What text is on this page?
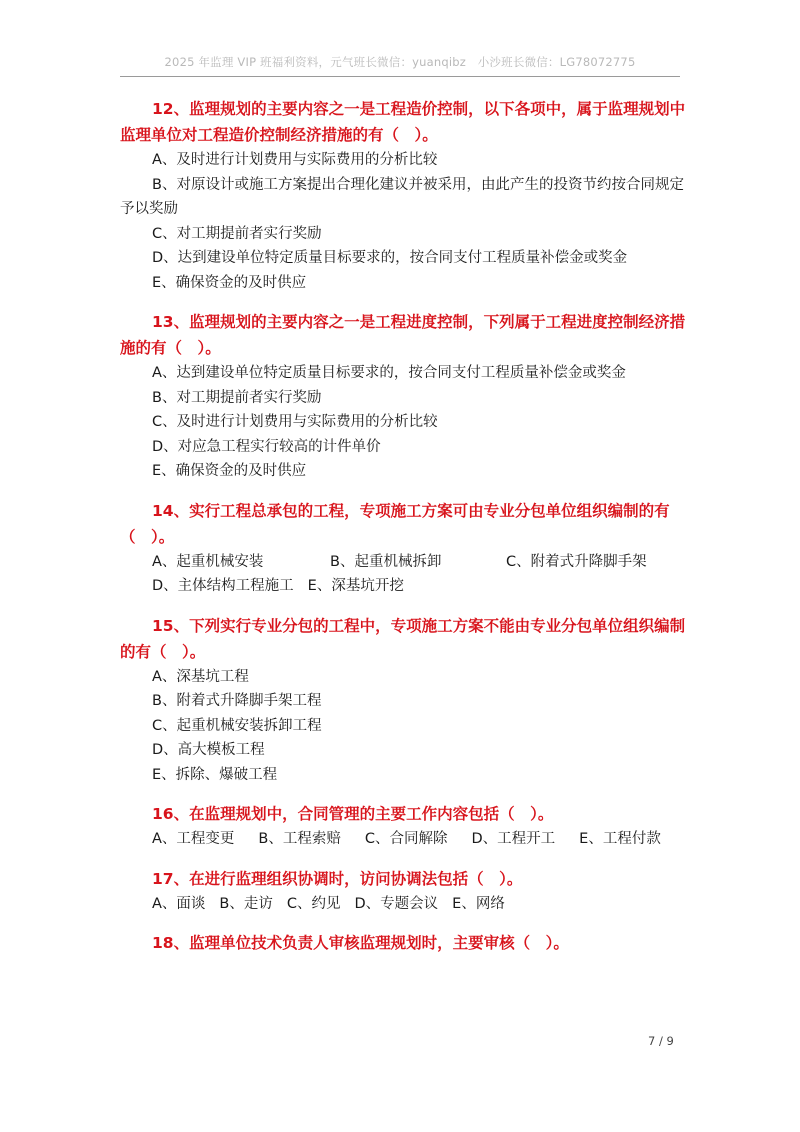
2025 年监理 VIP 班福利资料，元气班长微信：yuanqibz　小沙班长微信：LG78072775

12、监理规划的主要内容之一是工程造价控制，以下各项中，属于监理规划中监理单位对工程造价控制经济措施的有（　）。

A、及时进行计划费用与实际费用的分析比较

B、对原设计或施工方案提出合理化建议并被采用，由此产生的投资节约按合同规定予以奖励

C、对工期提前者实行奖励

D、达到建设单位特定质量目标要求的，按合同支付工程质量补偿金或奖金

E、确保资金的及时供应

13、监理规划的主要内容之一是工程进度控制，下列属于工程进度控制经济措施的有（　）。

A、达到建设单位特定质量目标要求的，按合同支付工程质量补偿金或奖金

B、对工期提前者实行奖励

C、及时进行计划费用与实际费用的分析比较

D、对应急工程实行较高的计件单价

E、确保资金的及时供应

14、实行工程总承包的工程，专项施工方案可由专业分包单位组织编制的有（　）。

A、起重机械安装	B、起重机械拆卸	C、附着式升降脚手架

D、主体结构工程施工 E、深基坑开挖

15、下列实行专业分包的工程中，专项施工方案不能由专业分包单位组织编制的有（　）。

A、深基坑工程

B、附着式升降脚手架工程

C、起重机械安装拆卸工程

D、高大模板工程

E、拆除、爆破工程

16、在监理规划中，合同管理的主要工作内容包括（　）。

A、工程变更 B、工程索赔 C、合同解除 D、工程开工 E、工程付款

17、在进行监理组织协调时，访问协调法包括（　）。

A、面谈 B、走访 C、约见 D、专题会议 E、网络

18、监理单位技术负责人审核监理规划时，主要审核（　）。

7 / 9
